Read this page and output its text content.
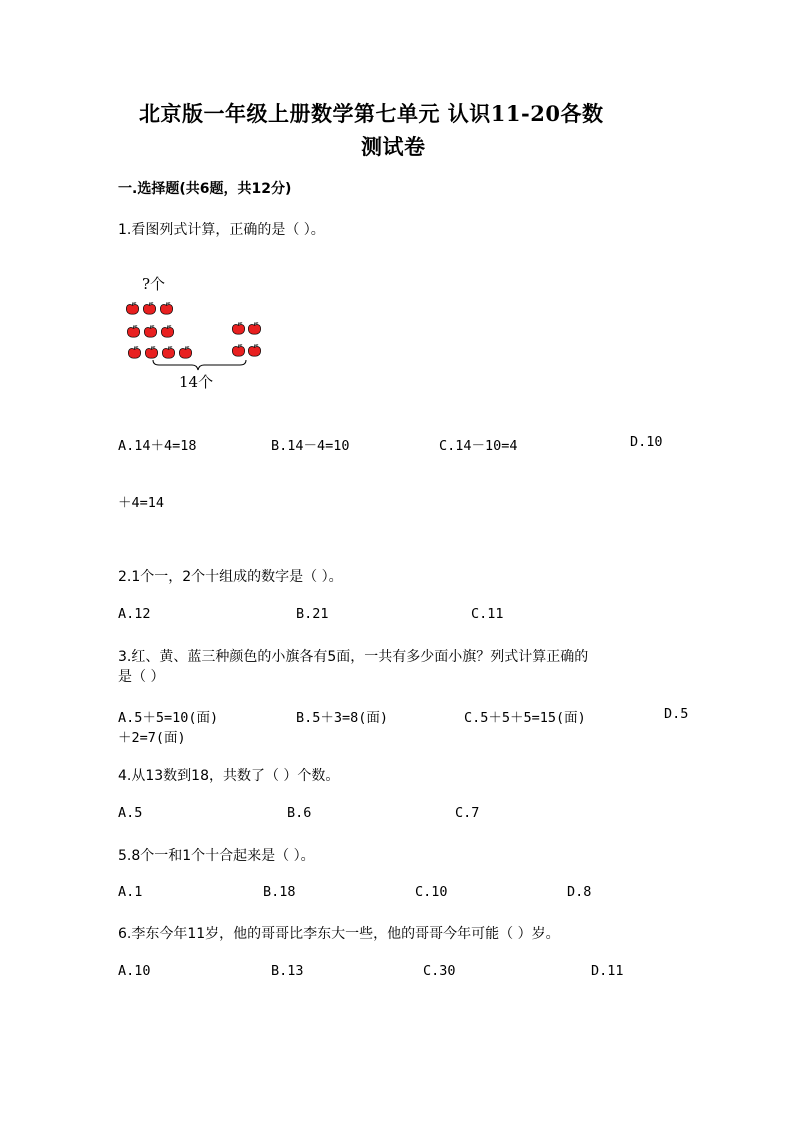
北京版一年级上册数学第七单元 认识11-20各数
测试卷
一.选择题(共6题，共12分)
1.看图列式计算，正确的是（ ）。
?个
14个
A.14＋4=18	B.14－4=10	C.14－10=4	D.10
＋4=14
2.1个一，2个十组成的数字是（ ）。
A.12	B.21	C.11
3.红、黄、蓝三种颜色的小旗各有5面，一共有多少面小旗？列式计算正确的
是（ ）
A.5＋5=10(面)	B.5＋3=8(面)	C.5＋5＋5=15(面)	D.5
＋2=7(面)
4.从13数到18，共数了（ ）个数。
A.5	B.6	C.7
5.8个一和1个十合起来是（ ）。
A.1	B.18	C.10	D.8
6.李东今年11岁，他的哥哥比李东大一些，他的哥哥今年可能（ ）岁。
A.10	B.13	C.30	D.11
